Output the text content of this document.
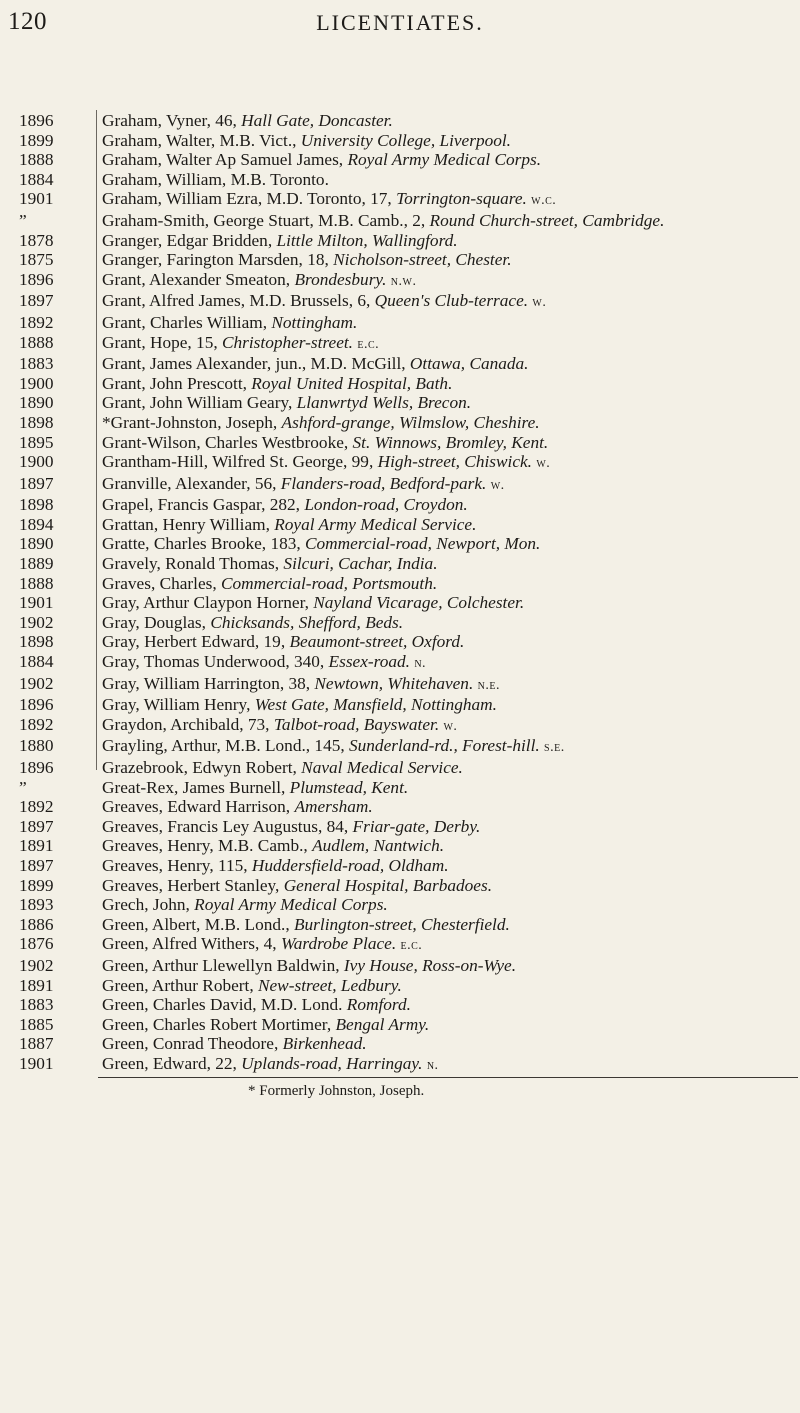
120	LICENTIATES.
1896	Graham, Vyner, 46, Hall Gate, Doncaster.
1899	Graham, Walter, M.B. Vict., University College, Liverpool.
1888	Graham, Walter Ap Samuel James, Royal Army Medical Corps.
1884	Graham, William, M.B. Toronto.
1901	Graham, William Ezra, M.D. Toronto, 17, Torrington-square. w.c.
”	Graham-Smith, George Stuart, M.B. Camb., 2, Round Church-street, Cambridge.
1878	Granger, Edgar Bridden, Little Milton, Wallingford.
1875	Granger, Farington Marsden, 18, Nicholson-street, Chester.
1896	Grant, Alexander Smeaton, Brondesbury. n.w.
1897	Grant, Alfred James, M.D. Brussels, 6, Queen's Club-terrace. w.
1892	Grant, Charles William, Nottingham.
1888	Grant, Hope, 15, Christopher-street. e.c.
1883	Grant, James Alexander, jun., M.D. McGill, Ottawa, Canada.
1900	Grant, John Prescott, Royal United Hospital, Bath.
1890	Grant, John William Geary, Llanwrtyd Wells, Brecon.
1898	*Grant-Johnston, Joseph, Ashford-grange, Wilmslow, Cheshire.
1895	Grant-Wilson, Charles Westbrooke, St. Winnows, Bromley, Kent.
1900	Grantham-Hill, Wilfred St. George, 99, High-street, Chiswick. w.
1897	Granville, Alexander, 56, Flanders-road, Bedford-park. w.
1898	Grapel, Francis Gaspar, 282, London-road, Croydon.
1894	Grattan, Henry William, Royal Army Medical Service.
1890	Gratte, Charles Brooke, 183, Commercial-road, Newport, Mon.
1889	Gravely, Ronald Thomas, Silcuri, Cachar, India.
1888	Graves, Charles, Commercial-road, Portsmouth.
1901	Gray, Arthur Claypon Horner, Nayland Vicarage, Colchester.
1902	Gray, Douglas, Chicksands, Shefford, Beds.
1898	Gray, Herbert Edward, 19, Beaumont-street, Oxford.
1884	Gray, Thomas Underwood, 340, Essex-road. n.
1902	Gray, William Harrington, 38, Newtown, Whitehaven. n.e.
1896	Gray, William Henry, West Gate, Mansfield, Nottingham.
1892	Graydon, Archibald, 73, Talbot-road, Bayswater. w.
1880	Grayling, Arthur, M.B. Lond., 145, Sunderland-rd., Forest-hill. s.e.
1896	Grazebrook, Edwyn Robert, Naval Medical Service.
”	Great-Rex, James Burnell, Plumstead, Kent.
1892	Greaves, Edward Harrison, Amersham.
1897	Greaves, Francis Ley Augustus, 84, Friar-gate, Derby.
1891	Greaves, Henry, M.B. Camb., Audlem, Nantwich.
1897	Greaves, Henry, 115, Huddersfield-road, Oldham.
1899	Greaves, Herbert Stanley, General Hospital, Barbadoes.
1893	Grech, John, Royal Army Medical Corps.
1886	Green, Albert, M.B. Lond., Burlington-street, Chesterfield.
1876	Green, Alfred Withers, 4, Wardrobe Place. e.c.
1902	Green, Arthur Llewellyn Baldwin, Ivy House, Ross-on-Wye.
1891	Green, Arthur Robert, New-street, Ledbury.
1883	Green, Charles David, M.D. Lond. Romford.
1885	Green, Charles Robert Mortimer, Bengal Army.
1887	Green, Conrad Theodore, Birkenhead.
1901	Green, Edward, 22, Uplands-road, Harringay. n.
* Formerly Johnston, Joseph.
